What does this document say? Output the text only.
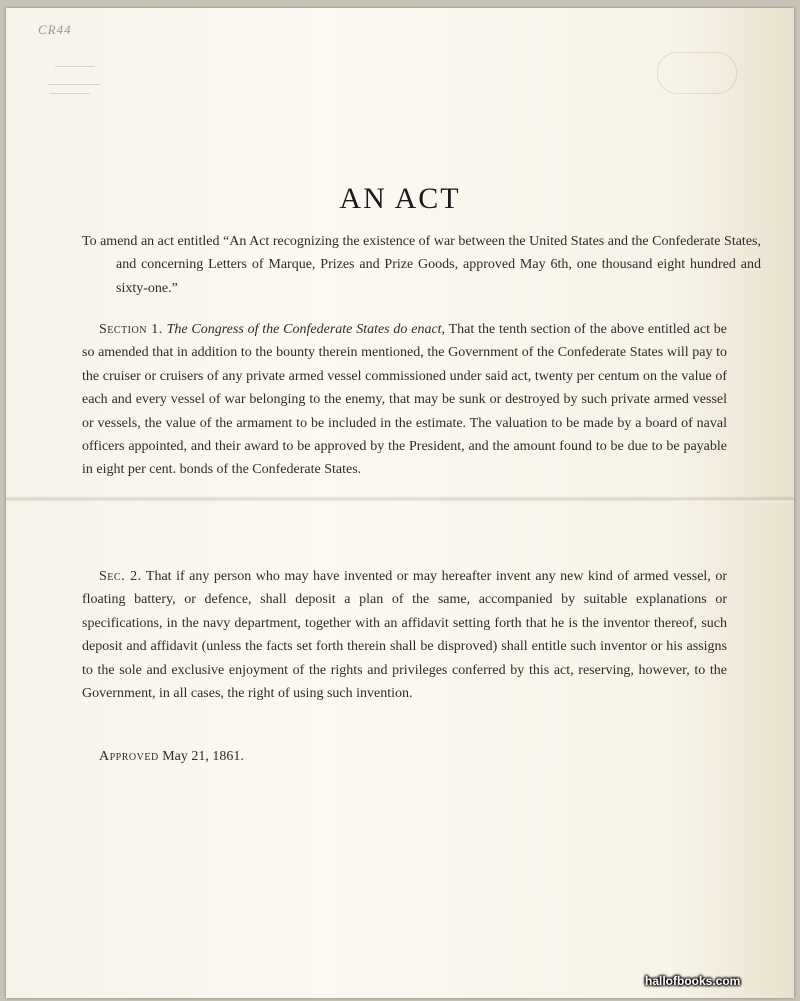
CR44
AN ACT
To amend an act entitled “An Act recognizing the existence of war between the United States and the Confederate States, and concerning Letters of Marque, Prizes and Prize Goods, approved May 6th, one thousand eight hundred and sixty-one.”
Section 1. The Congress of the Confederate States do enact, That the tenth section of the above entitled act be so amended that in addition to the bounty therein mentioned, the Government of the Confederate States will pay to the cruiser or cruisers of any private armed vessel commissioned under said act, twenty per centum on the value of each and every vessel of war belonging to the enemy, that may be sunk or destroyed by such private armed vessel or vessels, the value of the armament to be included in the estimate. The valuation to be made by a board of naval officers appointed, and their award to be approved by the President, and the amount found to be due to be payable in eight per cent. bonds of the Confederate States.
Sec. 2. That if any person who may have invented or may hereafter invent any new kind of armed vessel, or floating battery, or defence, shall deposit a plan of the same, accompanied by suitable explanations or specifications, in the navy department, together with an affidavit setting forth that he is the inventor thereof, such deposit and affidavit (unless the facts set forth therein shall be disproved) shall entitle such inventor or his assigns to the sole and exclusive enjoyment of the rights and privileges conferred by this act, reserving, however, to the Government, in all cases, the right of using such invention.
Approved May 21, 1861.
hallofbooks.com
